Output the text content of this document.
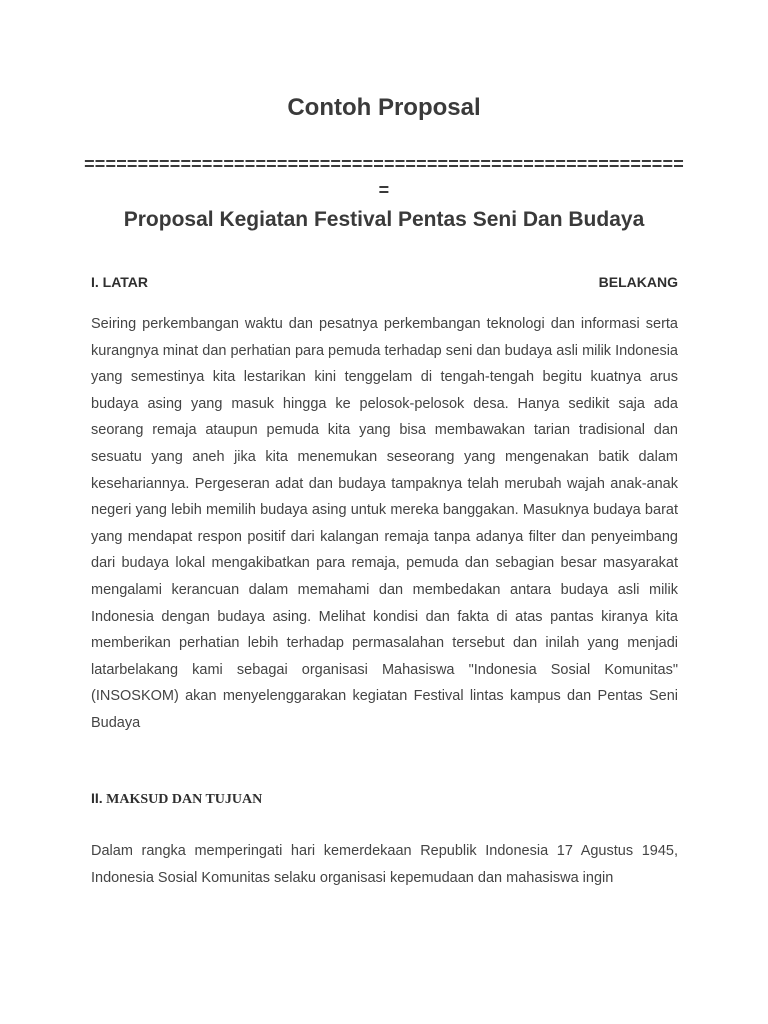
Contoh Proposal
=========================================================
Proposal Kegiatan Festival Pentas Seni Dan Budaya
I. LATAR	BELAKANG

Seiring perkembangan waktu dan pesatnya perkembangan teknologi dan informasi serta kurangnya minat dan perhatian para pemuda terhadap seni dan budaya asli milik Indonesia yang semestinya kita lestarikan kini tenggelam di tengah-tengah begitu kuatnya arus budaya asing yang masuk hingga ke pelosok-pelosok desa. Hanya sedikit saja ada seorang remaja ataupun pemuda kita yang bisa membawakan tarian tradisional dan sesuatu yang aneh jika kita menemukan seseorang yang mengenakan batik dalam kesehariannya. Pergeseran adat dan budaya tampaknya telah merubah wajah anak-anak negeri yang lebih memilih budaya asing untuk mereka banggakan. Masuknya budaya barat yang mendapat respon positif dari kalangan remaja tanpa adanya filter dan penyeimbang dari budaya lokal mengakibatkan para remaja, pemuda dan sebagian besar masyarakat mengalami kerancuan dalam memahami dan membedakan antara budaya asli milik Indonesia dengan budaya asing. Melihat kondisi dan fakta di atas pantas kiranya kita memberikan perhatian lebih terhadap permasalahan tersebut dan inilah yang menjadi latarbelakang kami sebagai organisasi Mahasiswa "Indonesia Sosial Komunitas" (INSOSKOM) akan menyelenggarakan kegiatan Festival lintas kampus dan Pentas Seni Budaya

II. MAKSUD DAN TUJUAN

Dalam rangka memperingati hari kemerdekaan Republik Indonesia 17 Agustus 1945, Indonesia Sosial Komunitas selaku organisasi kepemudaan dan mahasiswa ingin
